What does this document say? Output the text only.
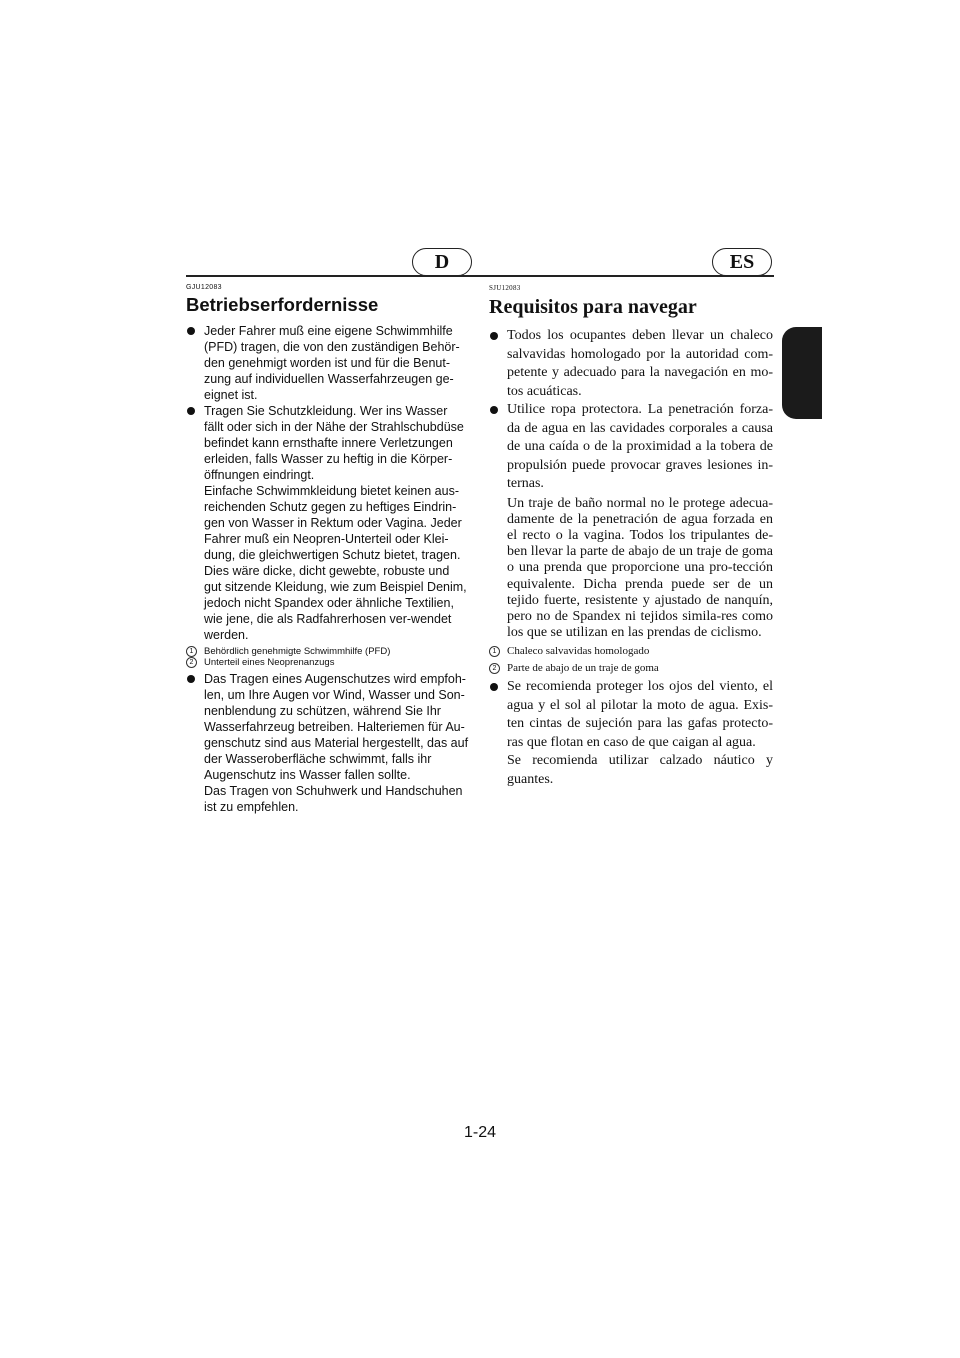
D	ES
GJU12083
Betriebserfordernisse

Jeder Fahrer muß eine eigene Schwimmhilfe (PFD) tragen, die von den zuständigen Behör-den genehmigt worden ist und für die Benut-zung auf individuellen Wasserfahrzeugen ge-eignet ist.

Tragen Sie Schutzkleidung. Wer ins Wasser fällt oder sich in der Nähe der Strahlschubdüse befindet kann ernsthafte innere Verletzungen erleiden, falls Wasser zu heftig in die Körper-öffnungen eindringt.

Einfache Schwimmkleidung bietet keinen aus-reichenden Schutz gegen zu heftiges Eindrin-gen von Wasser in Rektum oder Vagina. Jeder Fahrer muß ein Neopren-Unterteil oder Klei-dung, die gleichwertigen Schutz bietet, tragen. Dies wäre dicke, dicht gewebte, robuste und gut sitzende Kleidung, wie zum Beispiel Denim, jedoch nicht Spandex oder ähnliche Textilien, wie jene, die als Radfahrerhosen ver-wendet werden.

1	Behördlich genehmigte Schwimmhilfe (PFD)
2	Unterteil eines Neoprenanzugs

Das Tragen eines Augenschutzes wird empfoh-len, um Ihre Augen vor Wind, Wasser und Son-nenblendung zu schützen, während Sie Ihr Wasserfahrzeug betreiben. Halteriemen für Au-genschutz sind aus Material hergestellt, das auf der Wasseroberfläche schwimmt, falls ihr Augenschutz ins Wasser fallen sollte.

Das Tragen von Schuhwerk und Handschuhen ist zu empfehlen.

SJU12083
Requisitos para navegar

Todos los ocupantes deben llevar un chaleco salvavidas homologado por la autoridad com-petente y adecuado para la navegación en mo-tos acuáticas.

Utilice ropa protectora. La penetración forza-da de agua en las cavidades corporales a causa de una caída o de la proximidad a la tobera de propulsión puede provocar graves lesiones in-ternas.

Un traje de baño normal no le protege adecua-damente de la penetración de agua forzada en el recto o la vagina. Todos los tripulantes de-ben llevar la parte de abajo de un traje de goma o una prenda que proporcione una pro-tección equivalente. Dicha prenda puede ser de un tejido fuerte, resistente y ajustado de nanquín, pero no de Spandex ni tejidos simila-res como los que se utilizan en las prendas de ciclismo.

1 Chaleco salvavidas homologado
2 Parte de abajo de un traje de goma

Se recomienda proteger los ojos del viento, el agua y el sol al pilotar la moto de agua. Exis-ten cintas de sujeción para las gafas protecto-ras que flotan en caso de que caigan al agua.

Se recomienda utilizar calzado náutico y guantes.

1-24
